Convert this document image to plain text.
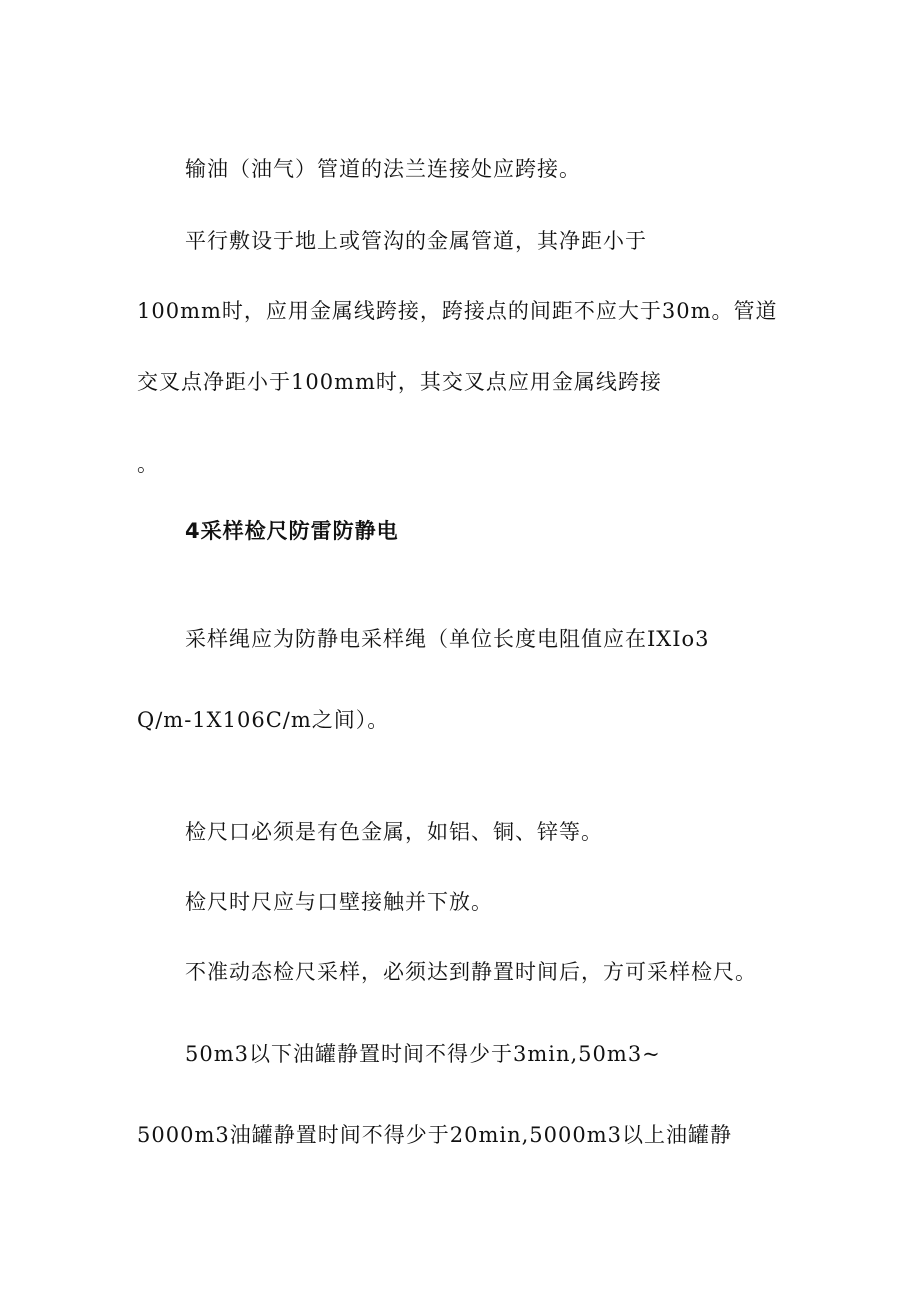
输油（油气）管道的法兰连接处应跨接。
平行敷设于地上或管沟的金属管道，其净距小于
100mm时，应用金属线跨接，跨接点的间距不应大于30m。管道
交叉点净距小于100mm时，其交叉点应用金属线跨接
。
4采样检尺防雷防静电
采样绳应为防静电采样绳（单位长度电阻值应在IXIo3
Q∕m-1X106C∕m之间）。
检尺口必须是有色金属，如铝、铜、锌等。
检尺时尺应与口壁接触并下放。
不准动态检尺采样，必须达到静置时间后，方可采样检尺。
50m3以下油罐静置时间不得少于3min,50m3~
5000m3油罐静置时间不得少于20min,5000m3以上油罐静
